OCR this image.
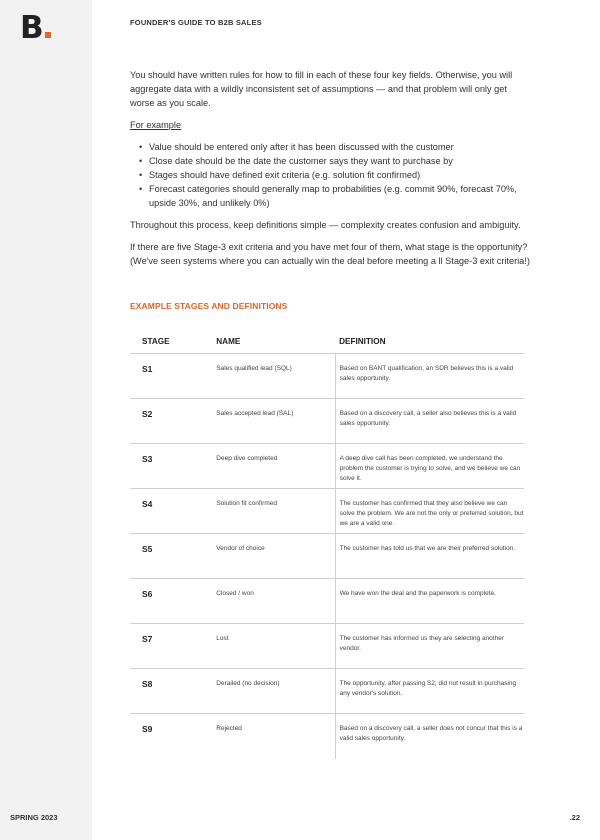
B	FOUNDER'S GUIDE TO B2B SALES

You should have written rules for how to fill in each of these four key fields. Otherwise, you will aggregate data with a wildly inconsistent set of assumptions — and that problem will only get worse as you scale.

For example

• Value should be entered only after it has been discussed with the customer
• Close date should be the date the customer says they want to purchase by
• Stages should have defined exit criteria (e.g. solution fit confirmed)
• Forecast categories should generally map to probabilities (e.g. commit 90%, forecast 70%, upside 30%, and unlikely 0%)

Throughout this process, keep definitions simple — complexity creates confusion and ambiguity.

If there are five Stage-3 exit criteria and you have met four of them, what stage is the opportunity? (We've seen systems where you can actually win the deal before meeting a ll Stage-3 exit criteria!)

EXAMPLE STAGES AND DEFINITIONS
STAGE	NAME	DEFINITION
S1	Sales qualified lead (SQL)	Based on BANT qualification, an SDR believes this is a valid sales opportunity.
S2	Sales accepted lead (SAL)	Based on a discovery call, a seller also believes this is a valid sales opportunity.
S3	Deep dive completed	A deep dive call has been completed, we understand the problem the customer is trying to solve, and we believe we can solve it.
S4	Solution fit confirmed	The customer has confirmed that they also believe we can solve the problem. We are not the only or preferred solution, but we are a valid one.
S5	Vendor of choice	The customer has told us that we are their preferred solution.
S6	Closed / won	We have won the deal and the paperwork is complete.
S7	Lost	The customer has informed us they are selecting another vendor.
S8	Derailed (no decision)	The opportunity, after passing S2, did not result in purchasing any vendor's solution.
S9	Rejected	Based on a discovery call, a seller does not concur that this is a valid sales opportunity.
SPRING 2023	.22
